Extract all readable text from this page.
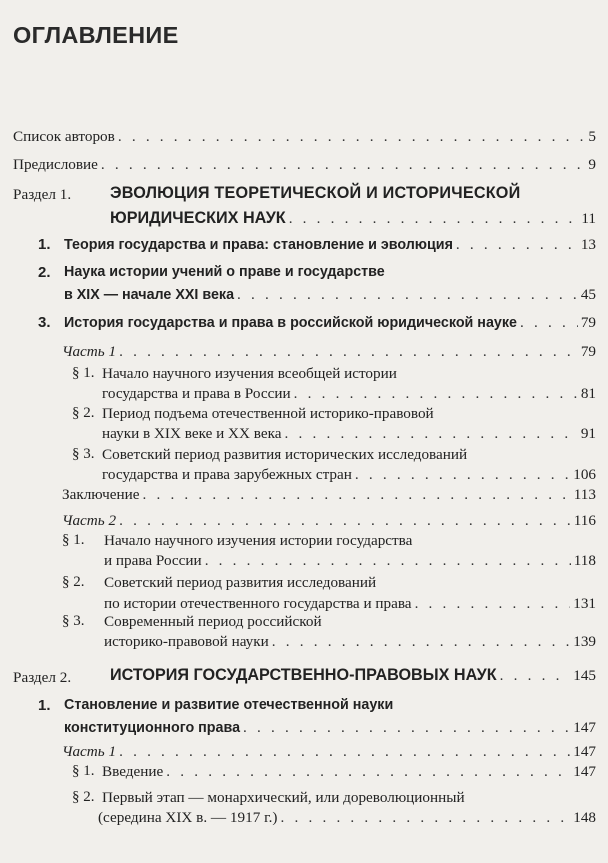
ОГЛАВЛЕНИЕ
Список авторов . . .	5
Предисловие . . .	9
Раздел 1. ЭВОЛЮЦИЯ ТЕОРЕТИЧЕСКОЙ И ИСТОРИЧЕСКОЙ
ЮРИДИЧЕСКИХ НАУК . . .	11
1. Теория государства и права: становление и эволюция . . .	13
2. Наука истории учений о праве и государстве
в XIX — начале XXI века . . .	45
3. История государства и права в российской юридической науке . . .	79
Часть 1 . . .	79
§ 1. Начало научного изучения всеобщей истории
государства и права в России . . .	81
§ 2. Период подъема отечественной историко-правовой
науки в XIX веке и XX века . . .	91
§ 3. Советский период развития исторических исследований
государства и права зарубежных стран . . .	106
Заключение . . .	113
Часть 2 . . .	116
§ 1. Начало научного изучения истории государства
и права России . . .	118
§ 2. Советский период развития исследований
по истории отечественного государства и права . . .	131
§ 3. Современный период российской
историко-правовой науки . . .	139
Раздел 2. ИСТОРИЯ ГОСУДАРСТВЕННО-ПРАВОВЫХ НАУК . . .	145
1. Становление и развитие отечественной науки
конституционного права . . .	147
Часть 1 . . .	147
§ 1. Введение . . .	147
§ 2. Первый этап — монархический, или дореволюционный
(середина XIX в. — 1917 г.) . . .	148
